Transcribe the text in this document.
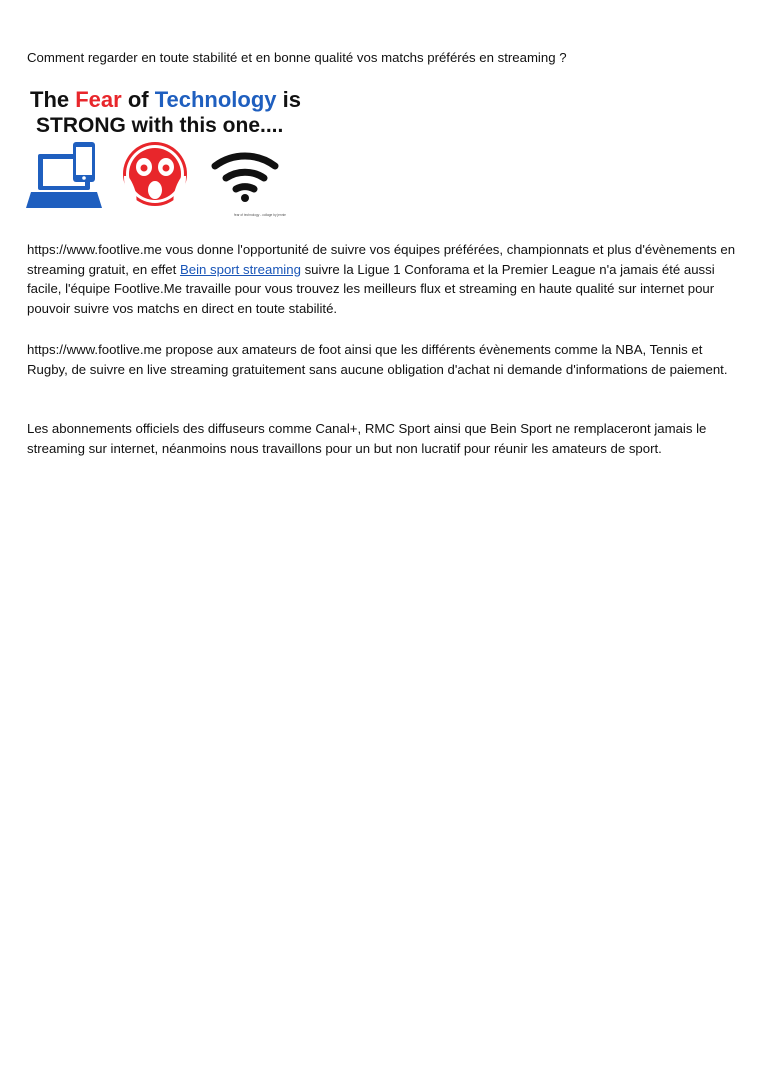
Comment regarder en toute stabilité et en bonne qualité vos matchs préférés en streaming ?
The Fear of Technology is
STRONG with this one....
fear of technology - collage by jennie

https://www.footlive.me vous donne l'opportunité de suivre vos équipes préférées, championnats et plus d'évènements en streaming gratuit, en effet Bein sport streaming suivre la Ligue 1 Conforama et la Premier League n'a jamais été aussi facile, l'équipe Footlive.Me travaille pour vous trouvez les meilleurs flux et streaming en haute qualité sur internet pour pouvoir suivre vos matchs en direct en toute stabilité.

https://www.footlive.me propose aux amateurs de foot ainsi que les différents évènements comme la NBA, Tennis et Rugby, de suivre en live streaming gratuitement sans aucune obligation d'achat ni demande d'informations de paiement.

Les abonnements officiels des diffuseurs comme Canal+, RMC Sport ainsi que Bein Sport ne remplaceront jamais le streaming sur internet, néanmoins nous travaillons pour un but non lucratif pour réunir les amateurs de sport.
